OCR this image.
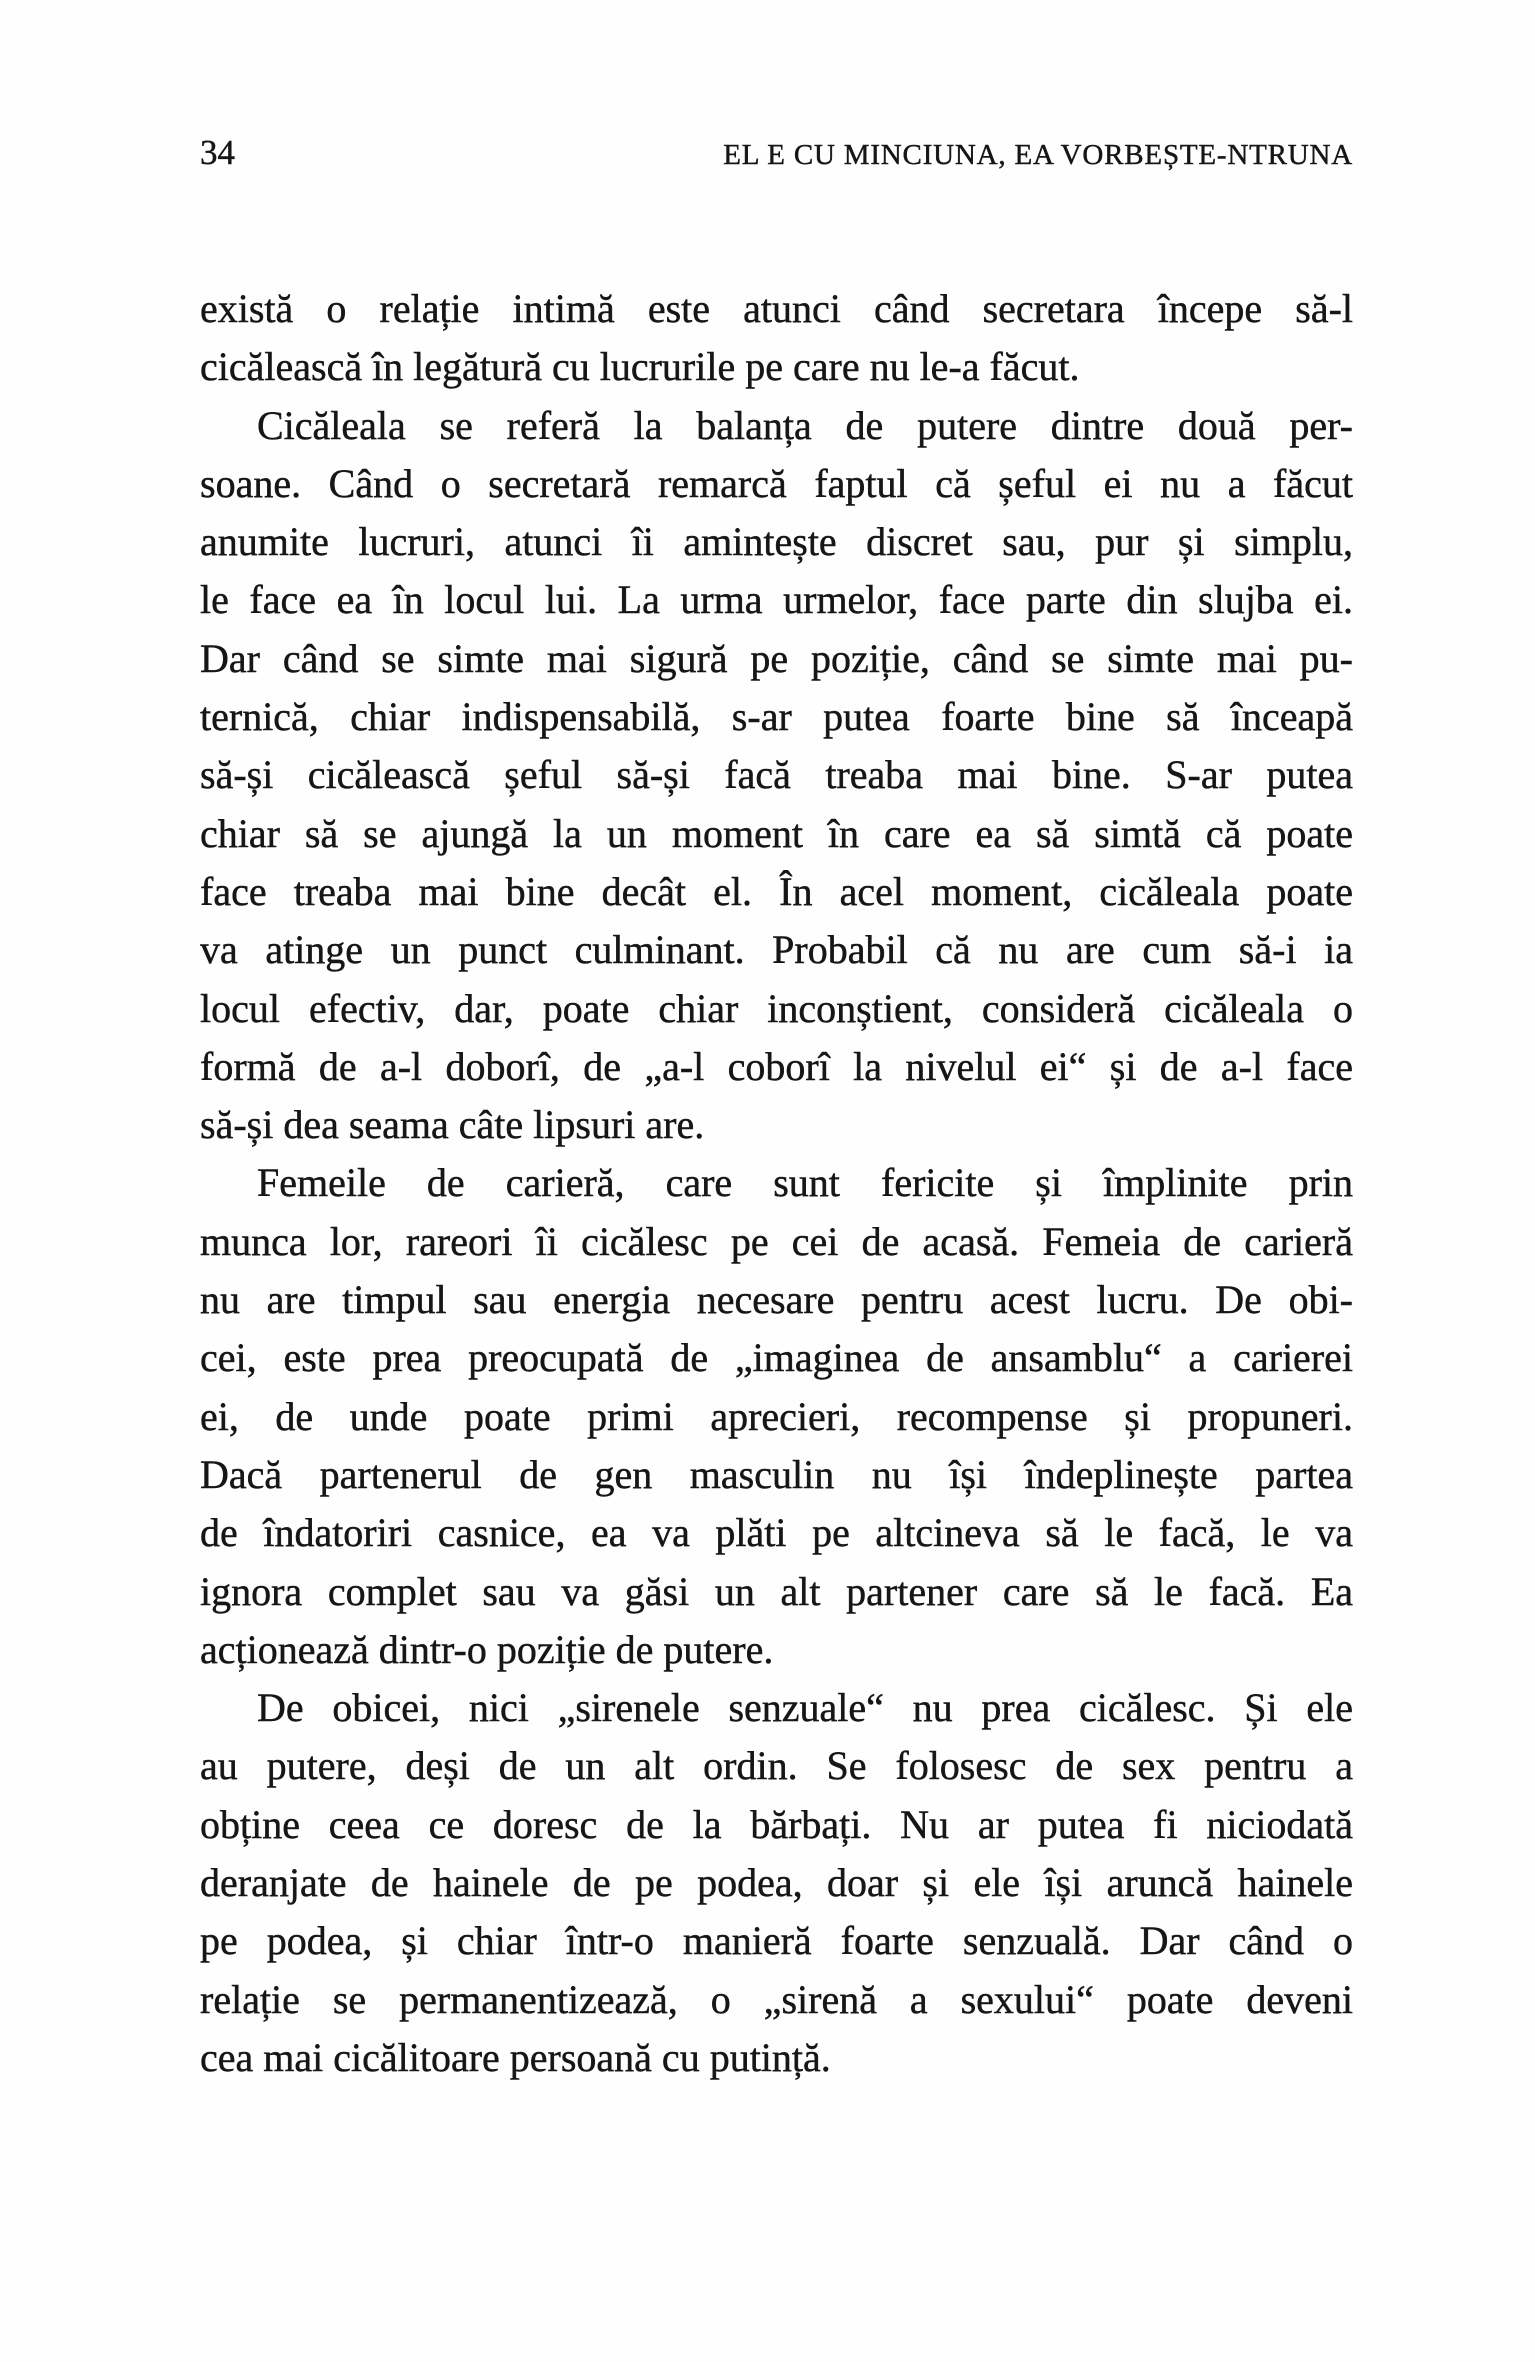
34	EL E CU MINCIUNA, EA VORBEȘTE-NTRUNA
există o relație intimă este atunci când secretara începe să-l
cicălească în legătură cu lucrurile pe care nu le-a făcut.
Cicăleala se referă la balanța de putere dintre două per-
soane. Când o secretară remarcă faptul că șeful ei nu a făcut
anumite lucruri, atunci îi amintește discret sau, pur și simplu,
le face ea în locul lui. La urma urmelor, face parte din slujba ei.
Dar când se simte mai sigură pe poziție, când se simte mai pu-
ternică, chiar indispensabilă, s-ar putea foarte bine să înceapă
să-și cicălească șeful să-și facă treaba mai bine. S-ar putea
chiar să se ajungă la un moment în care ea să simtă că poate
face treaba mai bine decât el. În acel moment, cicăleala poate
va atinge un punct culminant. Probabil că nu are cum să-i ia
locul efectiv, dar, poate chiar inconștient, consideră cicăleala o
formă de a-l doborî, de „a-l coborî la nivelul ei“ și de a-l face
să-și dea seama câte lipsuri are.
Femeile de carieră, care sunt fericite și împlinite prin
munca lor, rareori îi cicălesc pe cei de acasă. Femeia de carieră
nu are timpul sau energia necesare pentru acest lucru. De obi-
cei, este prea preocupată de „imaginea de ansamblu“ a carierei
ei, de unde poate primi aprecieri, recompense și propuneri.
Dacă partenerul de gen masculin nu își îndeplinește partea
de îndatoriri casnice, ea va plăti pe altcineva să le facă, le va
ignora complet sau va găsi un alt partener care să le facă. Ea
acționează dintr-o poziție de putere.
De obicei, nici „sirenele senzuale“ nu prea cicălesc. Și ele
au putere, deși de un alt ordin. Se folosesc de sex pentru a
obține ceea ce doresc de la bărbați. Nu ar putea fi niciodată
deranjate de hainele de pe podea, doar și ele își aruncă hainele
pe podea, și chiar într-o manieră foarte senzuală. Dar când o
relație se permanentizează, o „sirenă a sexului“ poate deveni
cea mai cicălitoare persoană cu putință.
